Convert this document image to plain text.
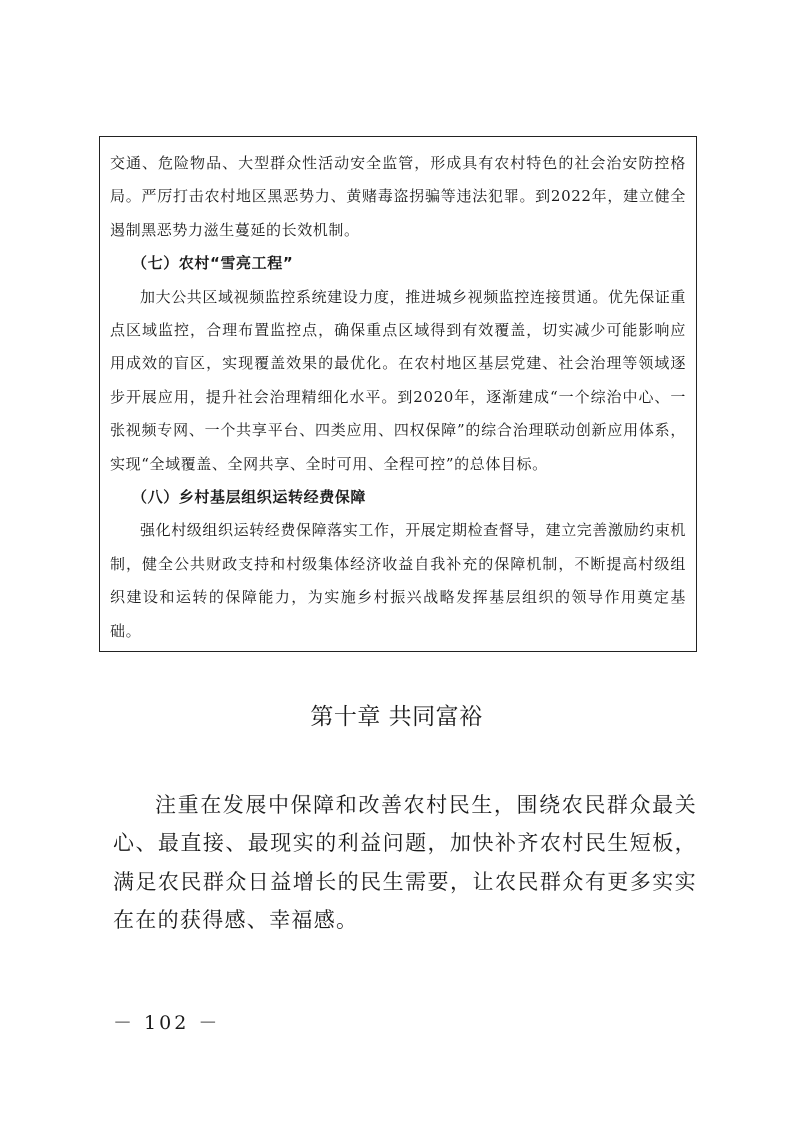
交通、危险物品、大型群众性活动安全监管，形成具有农村特色的社会治安防控格局。严厉打击农村地区黑恶势力、黄赌毒盗拐骗等违法犯罪。到2022年，建立健全遏制黑恶势力滋生蔓延的长效机制。

（七）农村“雪亮工程”

加大公共区域视频监控系统建设力度，推进城乡视频监控连接贯通。优先保证重点区域监控，合理布置监控点，确保重点区域得到有效覆盖，切实减少可能影响应用成效的盲区，实现覆盖效果的最优化。在农村地区基层党建、社会治理等领域逐步开展应用，提升社会治理精细化水平。到2020年，逐渐建成“一个综治中心、一张视频专网、一个共享平台、四类应用、四权保障”的综合治理联动创新应用体系，实现“全域覆盖、全网共享、全时可用、全程可控”的总体目标。

（八）乡村基层组织运转经费保障

强化村级组织运转经费保障落实工作，开展定期检查督导，建立完善激励约束机制，健全公共财政支持和村级集体经济收益自我补充的保障机制，不断提高村级组织建设和运转的保障能力，为实施乡村振兴战略发挥基层组织的领导作用奠定基础。

第十章 共同富裕

注重在发展中保障和改善农村民生，围绕农民群众最关心、最直接、最现实的利益问题，加快补齐农村民生短板，满足农民群众日益增长的民生需要，让农民群众有更多实实在在的获得感、幸福感。

－ 102 －
